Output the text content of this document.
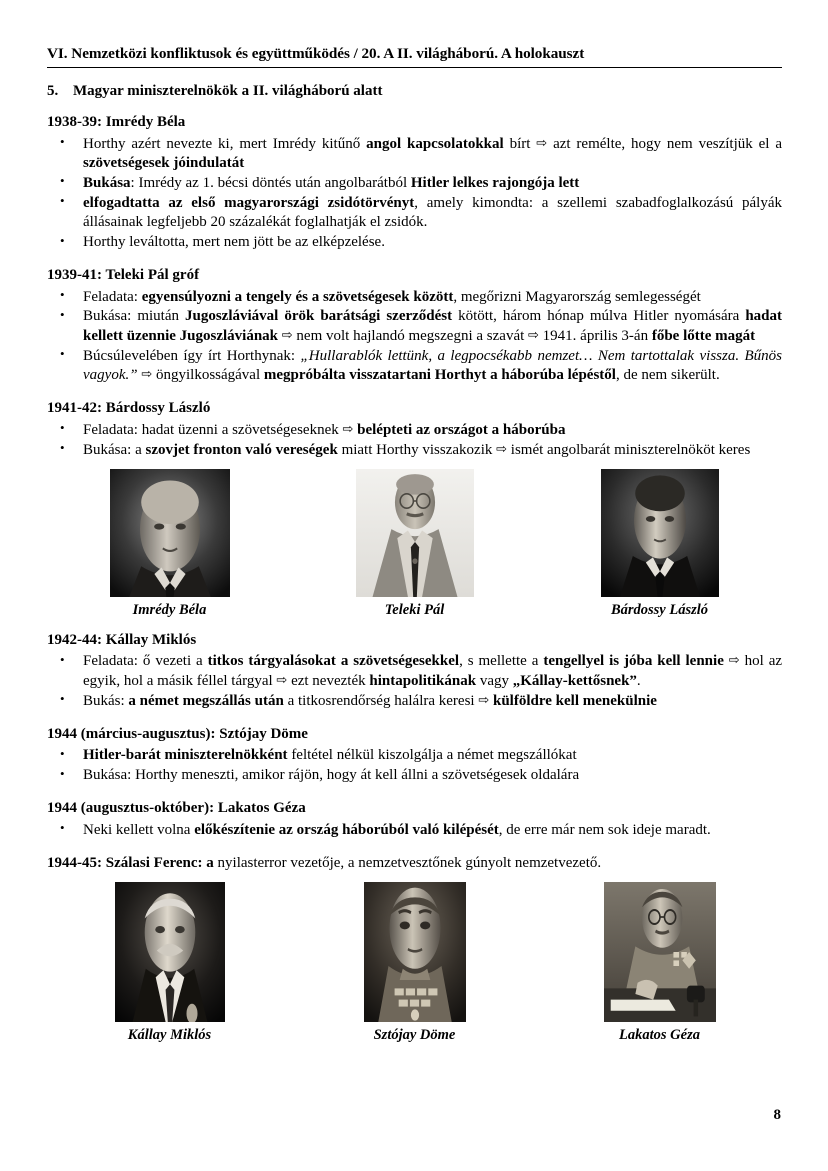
VI. Nemzetközi konfliktusok és együttműködés / 20. A II. világháború. A holokauszt
5. Magyar miniszterelnökök a II. világháború alatt
1938-39: Imrédy Béla
• Horthy azért nevezte ki, mert Imrédy kitűnő angol kapcsolatokkal bírt ⇨ azt remélte, hogy nem veszítjük el a szövetségesek jóindulatát
• Bukása: Imrédy az 1. bécsi döntés után angolbarátból Hitler lelkes rajongója lett
• elfogadtatta az első magyarországi zsidótörvényt, amely kimondta: a szellemi szabadfoglalkozású pályák állásainak legfeljebb 20 százalékát foglalhatják el zsidók.
• Horthy leváltotta, mert nem jött be az elképzelése.
1939-41: Teleki Pál gróf
• Feladata: egyensúlyozni a tengely és a szövetségesek között, megőrizni Magyarország semlegességét
• Bukása: miután Jugoszláviával örök barátsági szerződést kötött, három hónap múlva Hitler nyomására hadat kellett üzennie Jugoszláviának ⇨ nem volt hajlandó megszegni a szavát ⇨ 1941. április 3-án főbe lőtte magát
• Búcsúlevelében így írt Horthynak: „Hullarablók lettünk, a legpocsékabb nemzet… Nem tartottalak vissza. Bűnös vagyok.” ⇨ öngyilkosságával megpróbálta visszatartani Horthyt a háborúba lépéstől, de nem sikerült.
1941-42: Bárdossy László
• Feladata: hadat üzenni a szövetségeseknek ⇨ belépteti az országot a háborúba
• Bukása: a szovjet fronton való vereségek miatt Horthy visszakozik ⇨ ismét angolbarát miniszterelnököt keres
Imrédy Béla	Teleki Pál	Bárdossy László
1942-44: Kállay Miklós
• Feladata: ő vezeti a titkos tárgyalásokat a szövetségesekkel, s mellette a tengellyel is jóba kell lennie ⇨ hol az egyik, hol a másik féllel tárgyal ⇨ ezt nevezték hintapolitikának vagy „Kállay-kettősnek”.
• Bukás: a német megszállás után a titkosrendőrség halálra keresi ⇨ külföldre kell menekülnie
1944 (március-augusztus): Sztójay Döme
• Hitler-barát miniszterelnökként feltétel nélkül kiszolgálja a német megszállókat
• Bukása: Horthy meneszti, amikor rájön, hogy át kell állni a szövetségesek oldalára
1944 (augusztus-október): Lakatos Géza
• Neki kellett volna előkészítenie az ország háborúból való kilépését, de erre már nem sok ideje maradt.
1944-45: Szálasi Ferenc: a nyilasterror vezetője, a nemzetvesztőnek gúnyolt nemzetvezető.
Kállay Miklós	Sztójay Döme	Lakatos Géza
8
